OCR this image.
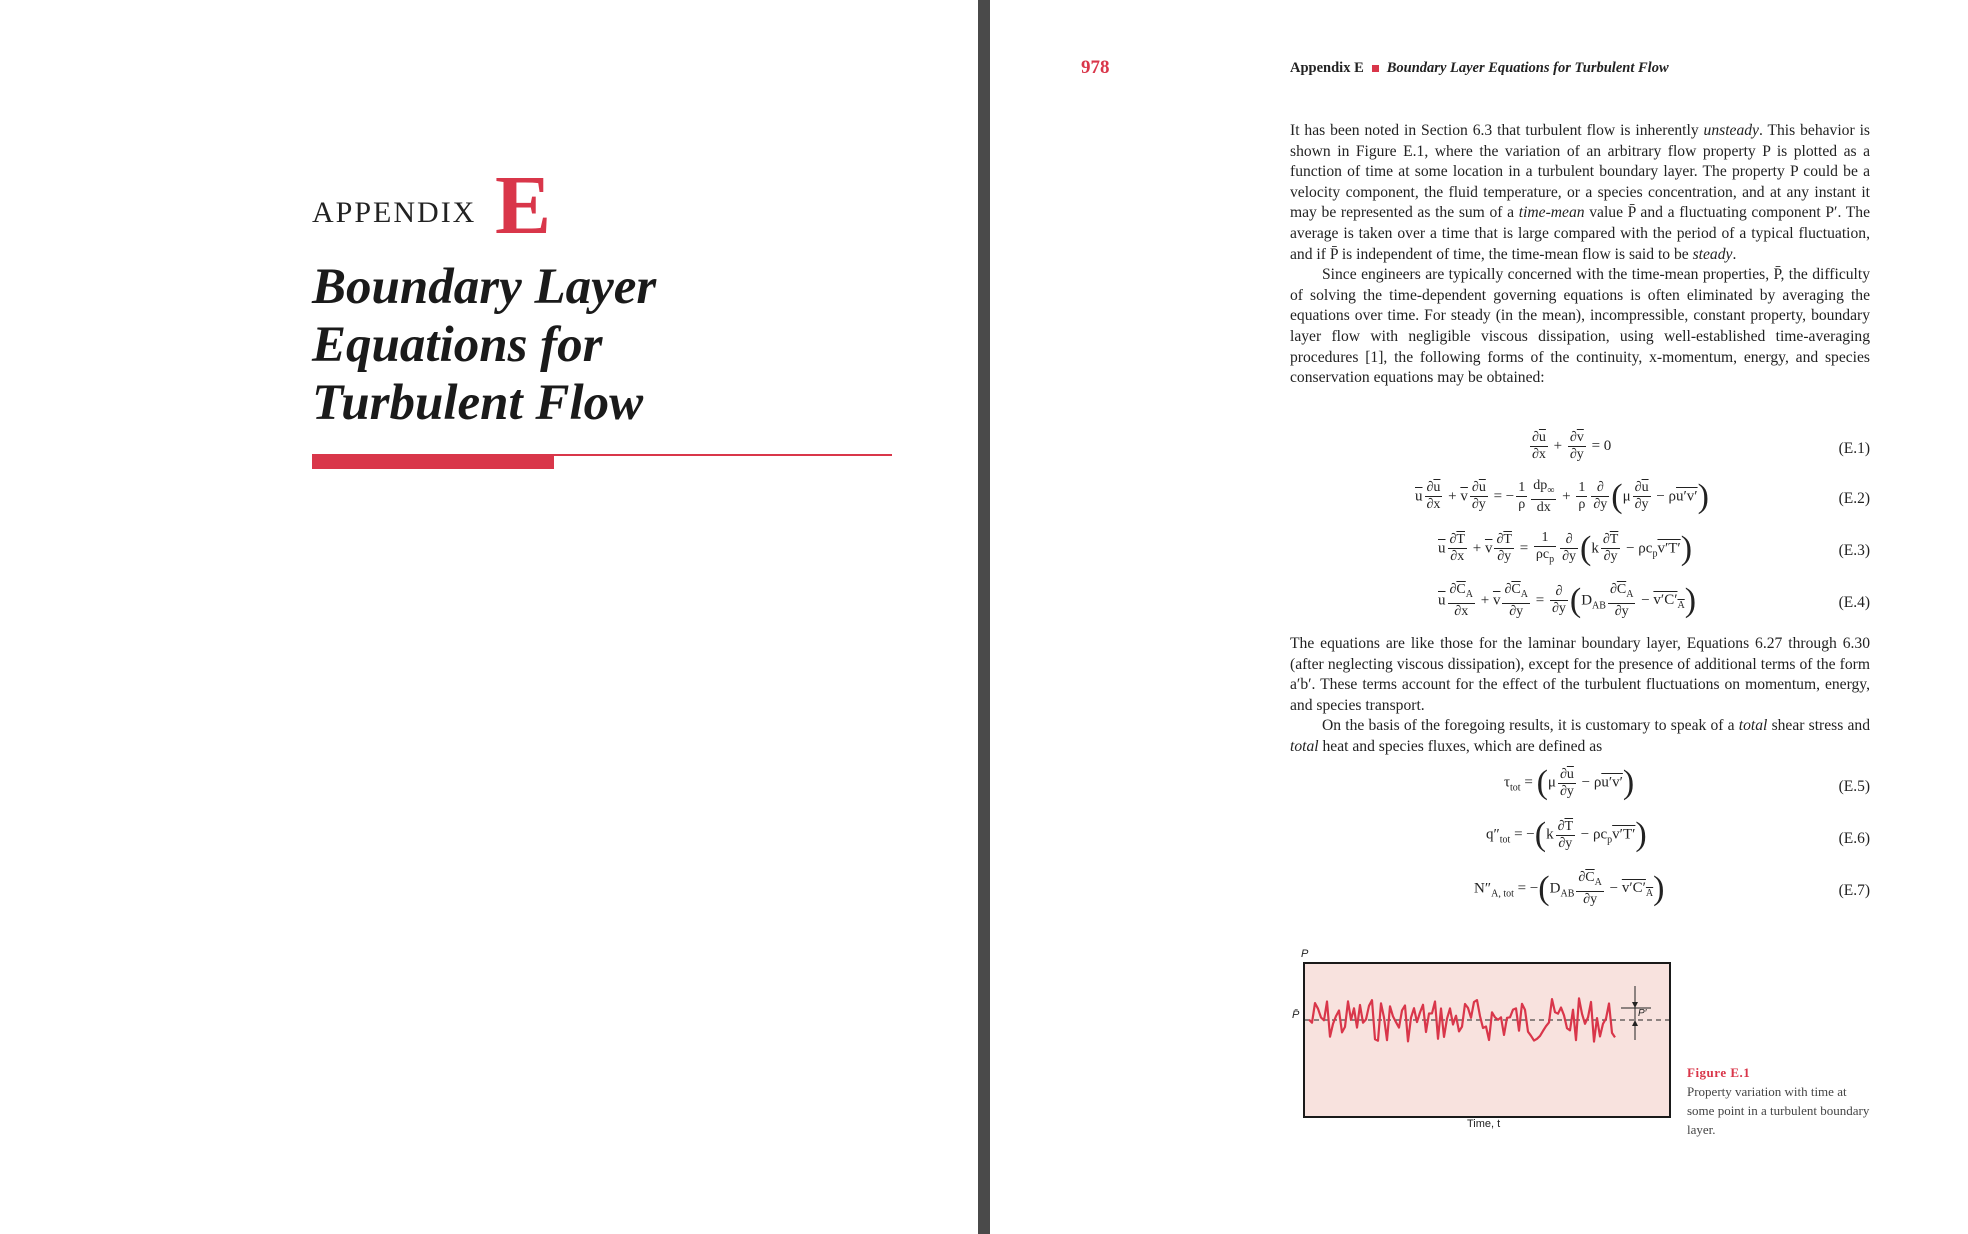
APPENDIX E
Boundary Layer
Equations for
Turbulent Flow
978	Appendix E Boundary Layer Equations for Turbulent Flow

It has been noted in Section 6.3 that turbulent flow is inherently unsteady. This behavior is shown in Figure E.1, where the variation of an arbitrary flow property P is plotted as a function of time at some location in a turbulent boundary layer. The property P could be a velocity component, the fluid temperature, or a species concentration, and at any instant it may be represented as the sum of a time-mean value P̄ and a fluctuating component P′. The average is taken over a time that is large compared with the period of a typical fluctuation, and if P̄ is independent of time, the time-mean flow is said to be steady.

Since engineers are typically concerned with the time-mean properties, P̄, the difficulty of solving the time-dependent governing equations is often eliminated by averaging the equations over time. For steady (in the mean), incompressible, constant property, boundary layer flow with negligible viscous dissipation, using well-established time-averaging procedures [1], the following forms of the continuity, x-momentum, energy, and species conservation equations may be obtained:

$\frac{\partial\overline{u}}{\partial x} + \frac{\partial\overline{v}}{\partial y} = 0$	(E.1)
$\overline{u} \frac{\partial\overline{u}}{\partial x} + \overline{v} \frac{\partial\overline{u}}{\partial y}$ = − $\frac{1}{\rho} \frac{dp_\infty}{dx} + \frac{1}{\rho} \frac{\partial}{\partial y} (\mu \frac{\partial\overline{u}}{\partial y} - \rho u'v')$	(E.2)
$\overline{u} \frac{\partial\overline{T}}{\partial x} + \overline{v} \frac{\partial\overline{T}}{\partial y} = \frac{1}{\rho c_p} \frac{\partial}{\partial y} (k \frac{\partial\overline{T}}{\partial y} - \rho c_pv'T')$	(E.3)
$\overline{u} \frac{\partial\overline{C}_A}{\partial x} + \overline{v} \frac{\partial\overline{C}_A}{\partial y} = \frac{\partial}{\partial y} (D_{AB} \frac{\partial\overline{C}_A}{\partial y} - v'C'_A)$	(E.4)

The equations are like those for the laminar boundary layer, Equations 6.27 through 6.30 (after neglecting viscous dissipation), except for the presence of additional terms of the form a′b′. These terms account for the effect of the turbulent fluctuations on momentum, energy, and species transport.

On the basis of the foregoing results, it is customary to speak of a total shear stress and total heat and species fluxes, which are defined as

$\tau_{tot} = (\mu \frac{\partial\overline{u}}{\partial y} - \rho u'v')$	(E.5)
$q''_{tot} = -(k \frac{\partial\overline{T}}{\partial y} - \rho c_pv'T')$	(E.6)
$N''_{A, tot} = -(D_{AB} \frac{\partial\overline{C}_A}{\partial y} - v'C'_A)$	(E.7)
P
P̄	P′
Time, t
Figure E.1
Property variation with time at some point in a turbulent boundary layer.
